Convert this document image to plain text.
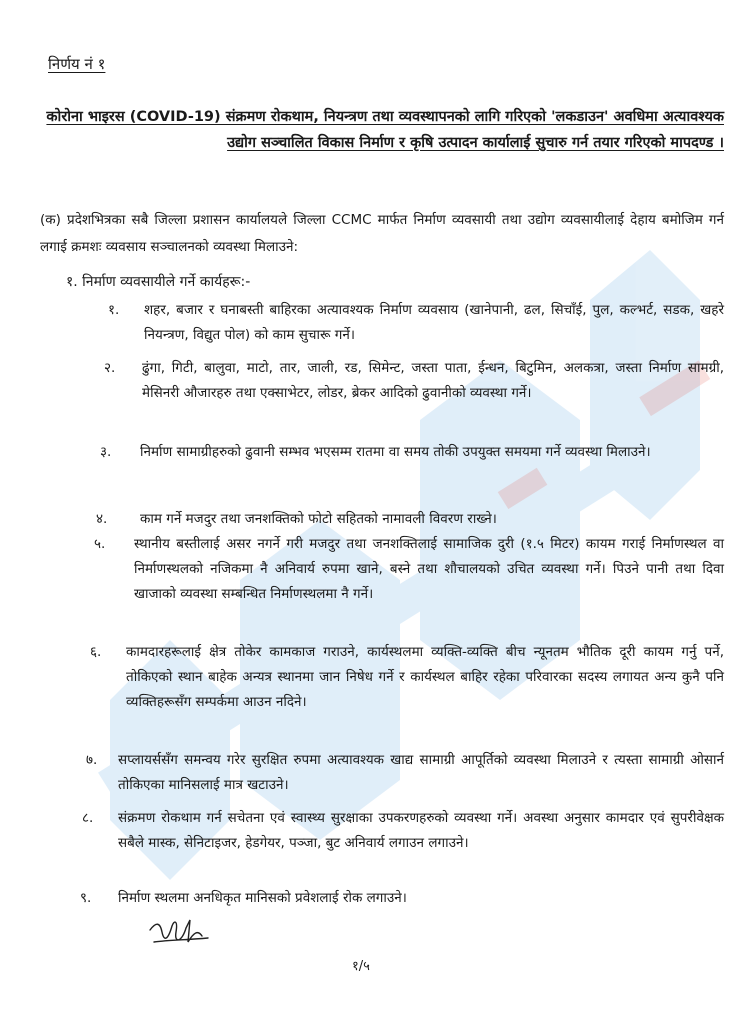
निर्णय नं १
कोरोना भाइरस (COVID-19) संक्रमण रोकथाम, नियन्त्रण तथा व्यवस्थापनको लागि गरिएको 'लकडाउन' अवधिमा अत्यावश्यक उद्योग सञ्चालित विकास निर्माण र कृषि उत्पादन कार्यालाई सुचारु गर्न तयार गरिएको मापदण्ड ।
(क) प्रदेशभित्रका सबै जिल्ला प्रशासन कार्यालयले जिल्ला CCMC मार्फत निर्माण व्यवसायी तथा उद्योग व्यवसायीलाई देहाय बमोजिम गर्न लगाई क्रमशः व्यवसाय सञ्चालनको व्यवस्था मिलाउने:
१. निर्माण व्यवसायीले गर्ने कार्यहरू:-
१. शहर, बजार र घनाबस्ती बाहिरका अत्यावश्यक निर्माण व्यवसाय (खानेपानी, ढल, सिचाँई, पुल, कल्भर्ट, सडक, खहरे नियन्त्रण, विद्युत पोल) को काम सुचारू गर्ने।
२. ढुंगा, गिटी, बालुवा, माटो, तार, जाली, रड, सिमेन्ट, जस्ता पाता, ईन्धन, बिटुमिन, अलकत्रा, जस्ता निर्माण सामग्री, मेसिनरी औजारहरु तथा एक्साभेटर, लोडर, ब्रेकर आदिको ढुवानीको व्यवस्था गर्ने।
३. निर्माण सामाग्रीहरुको ढुवानी सम्भव भएसम्म रातमा वा समय तोकी उपयुक्त समयमा गर्ने व्यवस्था मिलाउने।
४. काम गर्ने मजदुर तथा जनशक्तिको फोटो सहितको नामावली विवरण राख्ने।
५. स्थानीय बस्तीलाई असर नगर्ने गरी मजदुर तथा जनशक्तिलाई सामाजिक दुरी (१.५ मिटर) कायम गराई निर्माणस्थल वा निर्माणस्थलको नजिकमा नै अनिवार्य रुपमा खाने, बस्ने तथा शौचालयको उचित व्यवस्था गर्ने। पिउने पानी तथा दिवा खाजाको व्यवस्था सम्बन्धित निर्माणस्थलमा नै गर्ने।
६. कामदारहरूलाई क्षेत्र तोकेर कामकाज गराउने, कार्यस्थलमा व्यक्ति-व्यक्ति बीच न्यूनतम भौतिक दूरी कायम गर्नु पर्ने, तोकिएको स्थान बाहेक अन्यत्र स्थानमा जान निषेध गर्ने र कार्यस्थल बाहिर रहेका परिवारका सदस्य लगायत अन्य कुनै पनि व्यक्तिहरूसँग सम्पर्कमा आउन नदिने।
७. सप्लायर्ससँग समन्वय गरेर सुरक्षित रुपमा अत्यावश्यक खाद्य सामाग्री आपूर्तिको व्यवस्था मिलाउने र त्यस्ता सामाग्री ओसार्न तोकिएका मानिसलाई मात्र खटाउने।
८. संक्रमण रोकथाम गर्न सचेतना एवं स्वास्थ्य सुरक्षाका उपकरणहरुको व्यवस्था गर्ने। अवस्था अनुसार कामदार एवं सुपरीवेक्षक सबैले मास्क, सेनिटाइजर, हेडगेयर, पञ्जा, बुट अनिवार्य लगाउन लगाउने।
९. निर्माण स्थलमा अनधिकृत मानिसको प्रवेशलाई रोक लगाउने।
१/५
